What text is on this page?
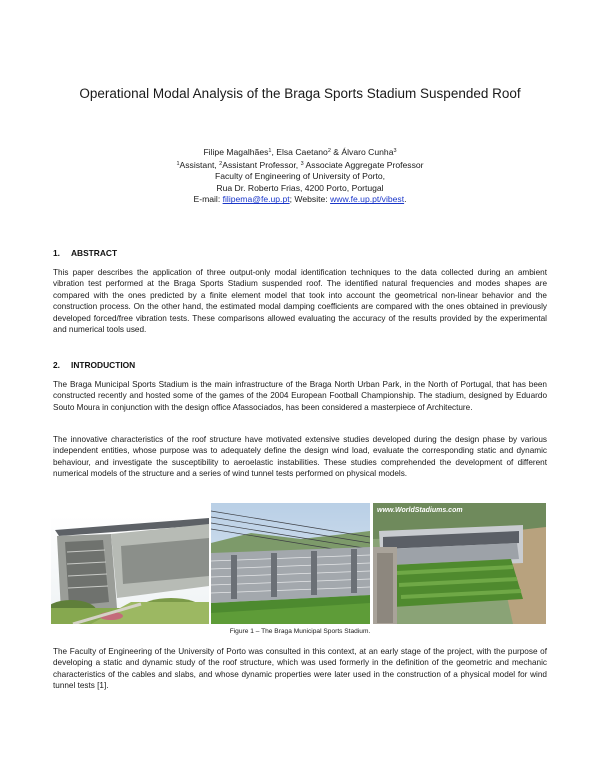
Operational Modal Analysis of the Braga Sports Stadium Suspended Roof
Filipe Magalhães$^1$, Elsa Caetano$^2$ & Álvaro Cunha$^3$
$^1$Assistant, $^2$Assistant Professor, $^3$ Associate Aggregate Professor
Faculty of Engineering of University of Porto,
Rua Dr. Roberto Frias, 4200 Porto, Portugal
E-mail: filipema@fe.up.pt; Website: www.fe.up.pt/vibest.
1. ABSTRACT
This paper describes the application of three output-only modal identification techniques to the data collected during an ambient vibration test performed at the Braga Sports Stadium suspended roof. The identified natural frequencies and modes shapes are compared with the ones predicted by a finite element model that took into account the geometrical non-linear behavior and the construction process. On the other hand, the estimated modal damping coefficients are compared with the ones obtained in previously developed forced/free vibration tests. These comparisons allowed evaluating the accuracy of the results provided by the experimental and numerical tools used.
2. INTRODUCTION
The Braga Municipal Sports Stadium is the main infrastructure of the Braga North Urban Park, in the North of Portugal, that has been constructed recently and hosted some of the games of the 2004 European Football Championship. The stadium, designed by Eduardo Souto Moura in conjunction with the design office Afassociados, has been considered a masterpiece of Architecture.
The innovative characteristics of the roof structure have motivated extensive studies developed during the design phase by various independent entities, whose purpose was to adequately define the design wind load, evaluate the corresponding static and dynamic behaviour, and investigate the susceptibility to aeroelastic instabilities. These studies comprehended the development of different numerical models of the structure and a series of wind tunnel tests performed on physical models.
www.WorldStadiums.com
Figure 1 – The Braga Municipal Sports Stadium.
The Faculty of Engineering of the University of Porto was consulted in this context, at an early stage of the project, with the purpose of developing a static and dynamic study of the roof structure, which was used formerly in the definition of the geometric and mechanic characteristics of the cables and slabs, and whose dynamic properties were later used in the construction of a physical model for wind tunnel tests [1].
